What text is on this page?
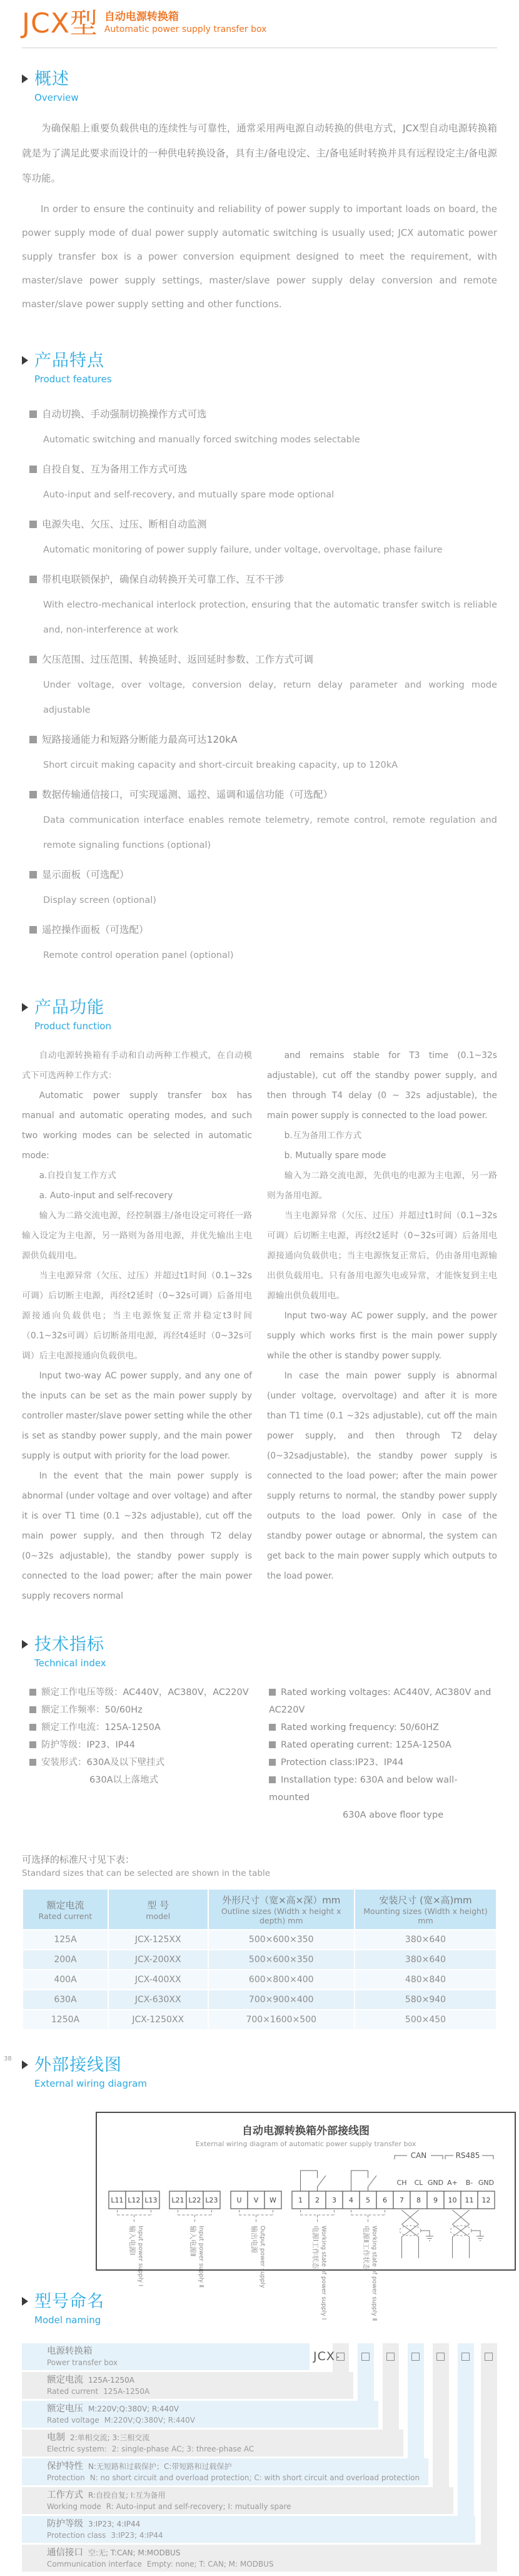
JCX型 自动电源转换箱
Automatic power supply transfer box
概述
Overview

为确保船上重要负载供电的连续性与可靠性，通常采用两电源自动转换的供电方式，JCX型自动电源转换箱就是为了满足此要求而设计的一种供电转换设备，具有主/备电设定、主/备电延时转换并具有远程设定主/备电源等功能。

In order to ensure the continuity and reliability of power supply to important loads on board, the power supply mode of dual power supply automatic switching is usually used; JCX automatic power supply transfer box is a power conversion equipment designed to meet the requirement, with master/slave power supply settings, master/slave power supply delay conversion and remote master/slave power supply setting and other functions.

产品特点
Product features
自动切换、手动强制切换操作方式可选
Automatic switching and manually forced switching modes selectable
自投自复、互为备用工作方式可选
Auto-input and self-recovery, and mutually spare mode optional
电源失电、欠压、过压、断相自动监测
Automatic monitoring of power supply failure, under voltage, overvoltage, phase failure
带机电联锁保护，确保自动转换开关可靠工作、互不干涉
With electro-mechanical interlock protection, ensuring that the automatic transfer switch is reliable and, non-interference at work
欠压范围、过压范围、转换延时、返回延时参数、工作方式可调
Under voltage, over voltage, conversion delay, return delay parameter and working mode adjustable
短路接通能力和短路分断能力最高可达120kA
Short circuit making capacity and short-circuit breaking capacity, up to 120kA
数据传输通信接口，可实现遥测、遥控、遥调和遥信功能（可选配）
Data communication interface enables remote telemetry, remote control, remote regulation and remote signaling functions (optional)
显示面板（可选配）
Display screen (optional)
遥控操作面板（可选配）
Remote control operation panel (optional)
产品功能
Product function

自动电源转换箱有手动和自动两种工作模式，在自动模式下可选两种工作方式：

Automatic power supply transfer box has manual and automatic operating modes, and such two working modes can be selected in automatic mode:

a.自投自复工作方式

a. Auto-input and self-recovery

输入为二路交流电源，经控制器主/备电设定可将任一路输入设定为主电源，另一路则为备用电源，并优先输出主电源供负载用电。

当主电源异常（欠压、过压）并超过t1时间（0.1~32s可调）后切断主电源，再经t2延时（0~32s可调）后备用电源接通向负载供电；当主电源恢复正常并稳定t3时间（0.1~32s可调）后切断备用电源，再经t4延时（0~32s可调）后主电源接通向负载供电。

Input two-way AC power supply, and any one of the inputs can be set as the main power supply by controller master/slave power setting while the other is set as standby power supply, and the main power supply is output with priority for the load power.

In the event that the main power supply is abnormal (under voltage and over voltage) and after it is over T1 time (0.1 ~32s adjustable), cut off the main power supply, and then through T2 delay (0~32s adjustable), the standby power supply is connected to the load power; after the main power supply recovers normal

and remains stable for T3 time (0.1~32s adjustable), cut off the standby power supply, and then through T4 delay (0 ~ 32s adjustable), the main power supply is connected to the load power.

b.互为备用工作方式

b. Mutually spare mode

输入为二路交流电源，先供电的电源为主电源，另一路则为备用电源。

当主电源异常（欠压、过压）并超过t1时间（0.1~32s可调）后切断主电源，再经t2延时（0~32s可调）后备用电源接通向负载供电；当主电源恢复正常后，仍由备用电源输出供负载用电。只有备用电源失电或异常，才能恢复到主电源输出供负载用电。

Input two-way AC power supply, and the power supply which works first is the main power supply while the other is standby power supply.

In case the main power supply is abnormal (under voltage, overvoltage) and after it is more than T1 time (0.1 ~32s adjustable), cut off the main power supply, and then through T2 delay (0~32sadjustable), the standby power supply is connected to the load power; after the main power supply returns to normal, the standby power supply outputs to the load power. Only in case of the standby power outage or abnormal, the system can get back to the main power supply which outputs to the load power.

技术指标
Technical index
额定工作电压等级：AC440V，AC380V，AC220V
额定工作频率：50/60Hz
额定工作电流：125A-1250A
防护等级：IP23、IP44
安装形式：630A及以下壁挂式
630A以上落地式
Rated working voltages: AC440V, AC380V and AC220V
Rated working frequency: 50/60HZ
Rated operating current: 125A-1250A
Protection class:IP23、IP44
Installation type: 630A and below wall-mounted
630A above floor type
可选择的标准尺寸见下表：
Standard sizes that can be selected are shown in the table
额定电流
Rated current	型 号
model	外形尺寸（宽×高×深）mm
Outline sizes (Width x height x depth) mm	安装尺寸 (宽×高)mm
Mounting sizes (Width x height) mm

125A	JCX-125XX	500×600×350	380×640
200A	JCX-200XX	500×600×350	380×640
400A	JCX-400XX	600×800×400	480×840
630A	JCX-630XX	700×900×400	580×940
1250A	JCX-1250XX	700×1600×500	500×450
外部接线图
External wiring diagram
自动电源转换箱外部接线图
External wiring diagram of automatic power supply transfer box
CAN	RS485
CH CL GND A+ B- GND
L11 L12 L13 L21 L22 L23	U V W	1 2 3 4 5 6 7 8 9 10 11 12
输入电源Ⅰ Input power supply Ⅰ	输入电源Ⅱ Input power supply Ⅱ	输出电源 Output power supply	电源Ⅰ工作状态 Working state of power supply Ⅰ	电源Ⅱ工作状态 Working state of power supply Ⅱ
型号命名
Model naming
电源转换箱
Power transfer box
额定电流 125A-1250A
Rated current 125A-1250A
额定电压 M:220V;Q:380V; R:440V
Rated voltage M:220V;Q:380V; R:440V
电制 2:单相交流; 3:三相交流
Electric system: 2: single-phase AC; 3: three-phase AC
保护特性 N:无短路和过载保护；C:带短路和过载保护
Protection N: no short circuit and overload protection; C: with short circuit and overload protection
工作方式 R:自投自复; I:互为备用
Working mode R: Auto-input and self-recovery; I: mutually spare
防护等级 3:IP23; 4:IP44
Protection class 3:IP23; 4:IP44
通信接口 空:无; T:CAN; M:MODBUS
Communication interface Empty: none; T: CAN; M: MODBUS
JCX -
38
